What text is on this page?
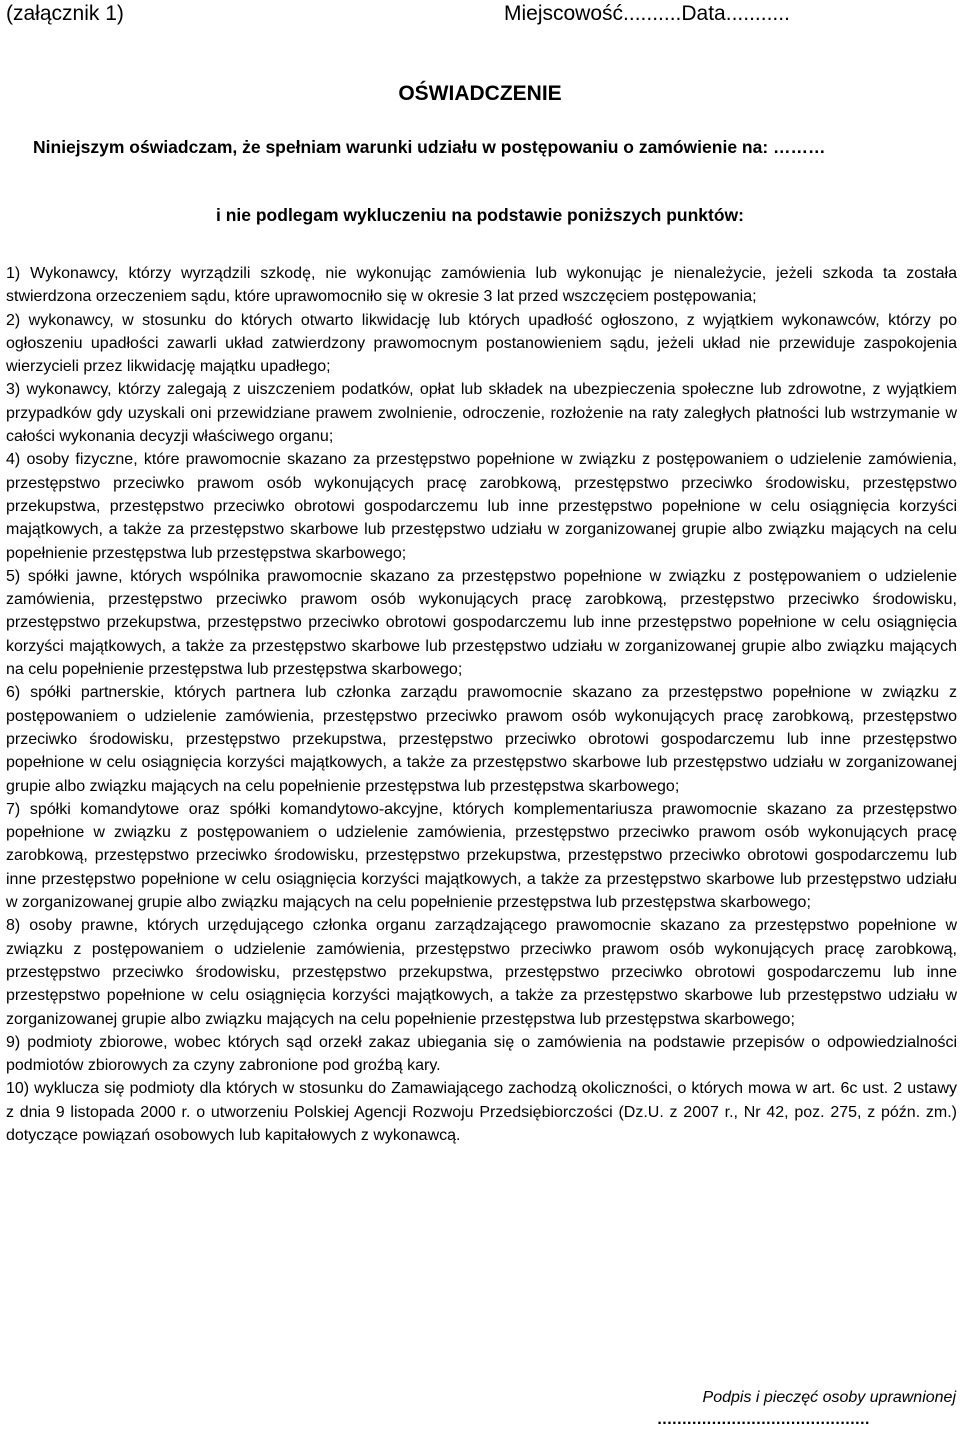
(załącznik 1)	Miejscowość..........Data...........
OŚWIADCZENIE
Niniejszym oświadczam, że spełniam warunki udziału w postępowaniu o zamówienie na: ………
i nie podlegam wykluczeniu na podstawie poniższych punktów:

1) Wykonawcy, którzy wyrządzili szkodę, nie wykonując zamówienia lub wykonując je nienależycie, jeżeli szkoda ta została stwierdzona orzeczeniem sądu, które uprawomocniło się w okresie 3 lat przed wszczęciem postępowania;

2) wykonawcy, w stosunku do których otwarto likwidację lub których upadłość ogłoszono, z wyjątkiem wykonawców, którzy po ogłoszeniu upadłości zawarli układ zatwierdzony prawomocnym postanowieniem sądu, jeżeli układ nie przewiduje zaspokojenia wierzycieli przez likwidację majątku upadłego;

3) wykonawcy, którzy zalegają z uiszczeniem podatków, opłat lub składek na ubezpieczenia społeczne lub zdrowotne, z wyjątkiem przypadków gdy uzyskali oni przewidziane prawem zwolnienie, odroczenie, rozłożenie na raty zaległych płatności lub wstrzymanie w całości wykonania decyzji właściwego organu;

4) osoby fizyczne, które prawomocnie skazano za przestępstwo popełnione w związku z postępowaniem o udzielenie zamówienia, przestępstwo przeciwko prawom osób wykonujących pracę zarobkową, przestępstwo przeciwko środowisku, przestępstwo przekupstwa, przestępstwo przeciwko obrotowi gospodarczemu lub inne przestępstwo popełnione w celu osiągnięcia korzyści majątkowych, a także za przestępstwo skarbowe lub przestępstwo udziału w zorganizowanej grupie albo związku mających na celu popełnienie przestępstwa lub przestępstwa skarbowego;

5) spółki jawne, których wspólnika prawomocnie skazano za przestępstwo popełnione w związku z postępowaniem o udzielenie zamówienia, przestępstwo przeciwko prawom osób wykonujących pracę zarobkową, przestępstwo przeciwko środowisku, przestępstwo przekupstwa, przestępstwo przeciwko obrotowi gospodarczemu lub inne przestępstwo popełnione w celu osiągnięcia korzyści majątkowych, a także za przestępstwo skarbowe lub przestępstwo udziału w zorganizowanej grupie albo związku mających na celu popełnienie przestępstwa lub przestępstwa skarbowego;

6) spółki partnerskie, których partnera lub członka zarządu prawomocnie skazano za przestępstwo popełnione w związku z postępowaniem o udzielenie zamówienia, przestępstwo przeciwko prawom osób wykonujących pracę zarobkową, przestępstwo przeciwko środowisku, przestępstwo przekupstwa, przestępstwo przeciwko obrotowi gospodarczemu lub inne przestępstwo popełnione w celu osiągnięcia korzyści majątkowych, a także za przestępstwo skarbowe lub przestępstwo udziału w zorganizowanej grupie albo związku mających na celu popełnienie przestępstwa lub przestępstwa skarbowego;

7) spółki komandytowe oraz spółki komandytowo-akcyjne, których komplementariusza prawomocnie skazano za przestępstwo popełnione w związku z postępowaniem o udzielenie zamówienia, przestępstwo przeciwko prawom osób wykonujących pracę zarobkową, przestępstwo przeciwko środowisku, przestępstwo przekupstwa, przestępstwo przeciwko obrotowi gospodarczemu lub inne przestępstwo popełnione w celu osiągnięcia korzyści majątkowych, a także za przestępstwo skarbowe lub przestępstwo udziału w zorganizowanej grupie albo związku mających na celu popełnienie przestępstwa lub przestępstwa skarbowego;

8) osoby prawne, których urzędującego członka organu zarządzającego prawomocnie skazano za przestępstwo popełnione w związku z postępowaniem o udzielenie zamówienia, przestępstwo przeciwko prawom osób wykonujących pracę zarobkową, przestępstwo przeciwko środowisku, przestępstwo przekupstwa, przestępstwo przeciwko obrotowi gospodarczemu lub inne przestępstwo popełnione w celu osiągnięcia korzyści majątkowych, a także za przestępstwo skarbowe lub przestępstwo udziału w zorganizowanej grupie albo związku mających na celu popełnienie przestępstwa lub przestępstwa skarbowego;

9) podmioty zbiorowe, wobec których sąd orzekł zakaz ubiegania się o zamówienia na podstawie przepisów o odpowiedzialności podmiotów zbiorowych za czyny zabronione pod groźbą kary.

10) wyklucza się podmioty dla których w stosunku do Zamawiającego zachodzą okoliczności, o których mowa w art. 6c ust. 2 ustawy z dnia 9 listopada 2000 r. o utworzeniu Polskiej Agencji Rozwoju Przedsiębiorczości (Dz.U. z 2007 r., Nr 42, poz. 275, z późn. zm.) dotyczące powiązań osobowych lub kapitałowych z wykonawcą.

Podpis i pieczęć osoby uprawnionej
...........................................
